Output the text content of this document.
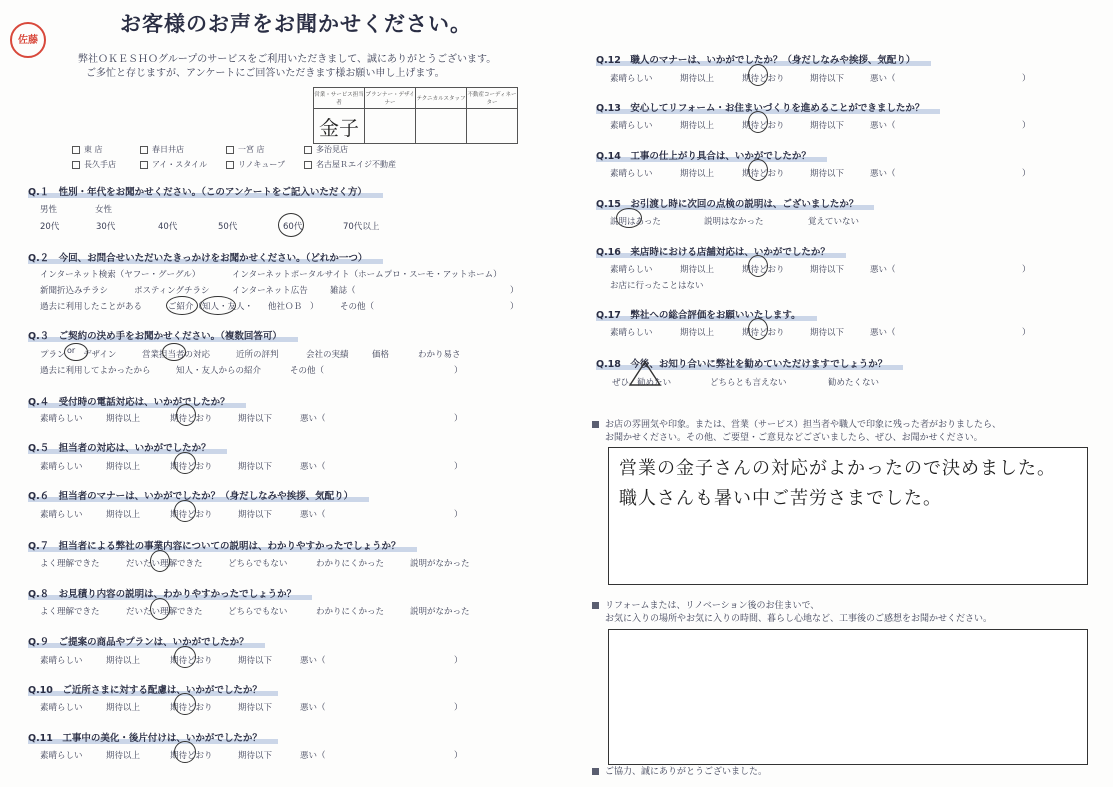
お客様のお声をお聞かせください。
佐藤
弊社ＯＫＥＳＨＯグループのサービスをご利用いただきまして、誠にありがとうございます。
ご多忙と存じますが、アンケートにご回答いただきます様お願い申し上げます。
営業・サービス担当者	プランナー・デザイナー	テクニカルスタッフ	不動産コーディネーター
金子			
東 店	春日井店	一宮 店	多治見店
長久手店	アイ・スタイル	リノキューブ	名古屋Ｒエイジ不動産
Q.１　性別・年代をお聞かせください。（このアンケートをご記入いただく方）
男性	女性
20代	30代	40代	50代	60代	70代以上
Q.２　今回、お問合せいただいたきっかけをお聞かせください。（どれか一つ）
インターネット検索（ヤフー・グーグル）	インターネットポータルサイト（ホームプロ・スーモ・アットホーム）
新聞折込みチラシ	ポスティングチラシ	インターネット広告	雑誌（	）
過去に利用したことがある	ご紹介（知人・友人・ 他社ＯＢ ）	その他（	）
Q.３　ご契約の決め手をお聞かせください。（複数回答可）
プラン or デザイン	営業担当者の対応	近所の評判	会社の実績	価格	わかり易さ
過去に利用してよかったから	知人・友人からの紹介	その他（	）
Q.４　受付時の電話対応は、いかがでしたか？
素晴らしい	期待以上	期待どおり	期待以下	悪い（	）
Q.５　担当者の対応は、いかがでしたか？
素晴らしい	期待以上	期待どおり	期待以下	悪い（	）
Q.６　担当者のマナーは、いかがでしたか？（身だしなみや挨拶、気配り）
素晴らしい	期待以上	期待どおり	期待以下	悪い（	）
Q.７　担当者による弊社の事業内容についての説明は、わかりやすかったでしょうか？
よく理解できた	だいたい理解できた	どちらでもない	わかりにくかった	説明がなかった
Q.８　お見積り内容の説明は、わかりやすかったでしょうか？
よく理解できた	だいたい理解できた	どちらでもない	わかりにくかった	説明がなかった
Q.９　ご提案の商品やプランは、いかがでしたか？
素晴らしい	期待以上	期待どおり	期待以下	悪い（	）
Q.10　ご近所さまに対する配慮は、いかがでしたか？
素晴らしい	期待以上	期待どおり	期待以下	悪い（	）
Q.11　工事中の美化・後片付けは、いかがでしたか？
素晴らしい	期待以上	期待どおり	期待以下	悪い（	）
Q.12　職人のマナーは、いかがでしたか？（身だしなみや挨拶、気配り）
素晴らしい	期待以上	期待どおり	期待以下	悪い（	）
Q.13　安心してリフォーム・お住まいづくりを進めることができましたか？
素晴らしい	期待以上	期待どおり	期待以下	悪い（	）
Q.14　工事の仕上がり具合は、いかがでしたか？
素晴らしい	期待以上	期待どおり	期待以下	悪い（	）
Q.15　お引渡し時に次回の点検の説明は、ございましたか？
説明はあった	説明はなかった	覚えていない
Q.16　来店時における店舗対応は、いかがでしたか？
素晴らしい	期待以上	期待どおり	期待以下	悪い（	）
お店に行ったことはない
Q.17　弊社への総合評価をお願いいたします。
素晴らしい	期待以上	期待どおり	期待以下	悪い（	）
Q.18　今後、お知り合いに弊社を勧めていただけますでしょうか？
ぜひ、勧めたい	どちらとも言えない	勧めたくない
お店の雰囲気や印象。または、営業（サービス）担当者や職人で印象に残った者がおりましたら、
お聞かせください。その他、ご要望・ご意見などございましたら、ぜひ、お聞かせください。
営業の金子さんの対応がよかったので決めました。
職人さんも暑い中ご苦労さまでした。
リフォームまたは、リノベーション後のお住まいで、
お気に入りの場所やお気に入りの時間、暮らし心地など、工事後のご感想をお聞かせください。
ご協力、誠にありがとうございました。
